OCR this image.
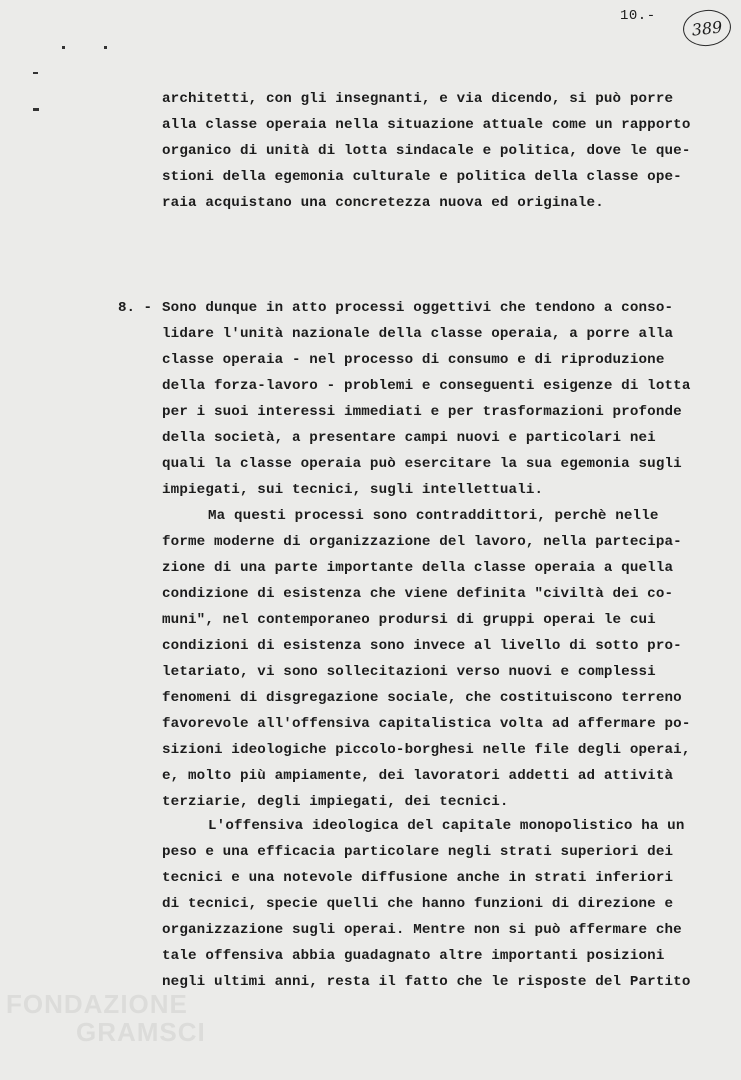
10.-
389

architetti, con gli insegnanti, e via dicendo, si può porre

alla classe operaia nella situazione attuale come un rapporto

organico di unità di lotta sindacale e politica, dove le que-

stioni della egemonia culturale e politica della classe ope-

raia acquistano una concretezza nuova ed originale.

8. - Sono dunque in atto processi oggettivi che tendono a conso-

lidare l'unità nazionale della classe operaia, a porre alla

classe operaia - nel processo di consumo e di riproduzione

della forza-lavoro - problemi e conseguenti esigenze di lotta

per i suoi interessi immediati e per trasformazioni profonde

della società, a presentare campi nuovi e particolari nei

quali la classe operaia può esercitare la sua egemonia sugli

impiegati, sui tecnici, sugli intellettuali.

Ma questi processi sono contraddittori, perchè nelle

forme moderne di organizzazione del lavoro, nella partecipa-

zione di una parte importante della classe operaia a quella

condizione di esistenza che viene definita "civiltà dei co-

muni", nel contemporaneo prodursi di gruppi operai le cui

condizioni di esistenza sono invece al livello di sotto pro-

letariato, vi sono sollecitazioni verso nuovi e complessi

fenomeni di disgregazione sociale, che costituiscono terreno

favorevole all'offensiva capitalistica volta ad affermare po-

sizioni ideologiche piccolo-borghesi nelle file degli operai,

e, molto più ampiamente, dei lavoratori addetti ad attività

terziarie, degli impiegati, dei tecnici.

L'offensiva ideologica del capitale monopolistico ha un

peso e una efficacia particolare negli strati superiori dei

tecnici e una notevole diffusione anche in strati inferiori

di tecnici, specie quelli che hanno funzioni di direzione e

organizzazione sugli operai. Mentre non si può affermare che

tale offensiva abbia guadagnato altre importanti posizioni

negli ultimi anni, resta il fatto che le risposte del Partito

FONDAZIONE
GRAMSCI
